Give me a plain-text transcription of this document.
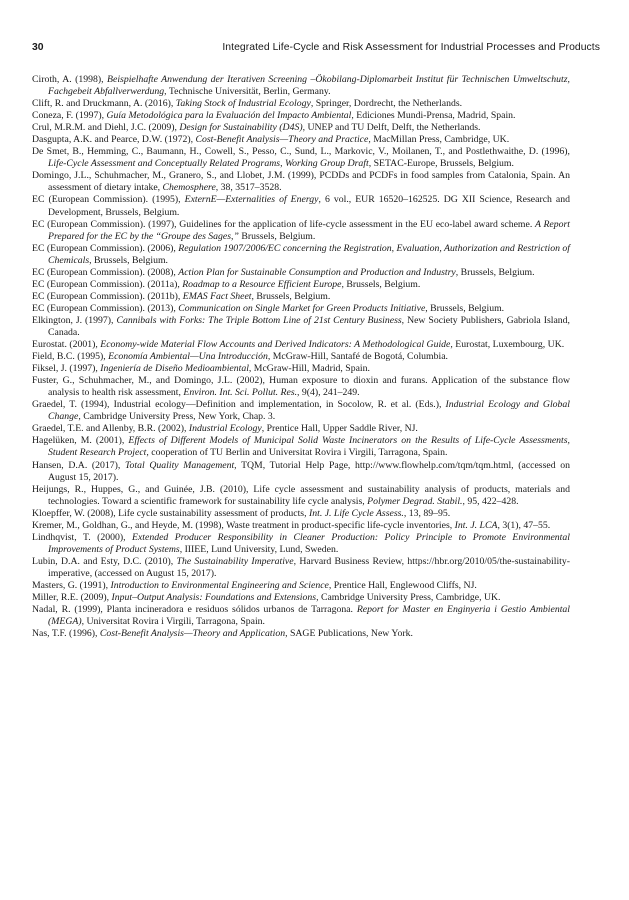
30	Integrated Life-Cycle and Risk Assessment for Industrial Processes and Products
Ciroth, A. (1998), Beispielhafte Anwendung der Iterativen Screening –Ökobilang-Diplomarbeit Institut für Technischen Umweltschutz, Fachgebeit Abfallverwerdung, Technische Universität, Berlin, Germany.
Clift, R. and Druckmann, A. (2016), Taking Stock of Industrial Ecology, Springer, Dordrecht, the Netherlands.
Coneza, F. (1997), Guía Metodológica para la Evaluación del Impacto Ambiental, Ediciones Mundi-Prensa, Madrid, Spain.
Crul, M.R.M. and Diehl, J.C. (2009), Design for Sustainability (D4S), UNEP and TU Delft, Delft, the Netherlands.
Dasgupta, A.K. and Pearce, D.W. (1972), Cost-Benefit Analysis—Theory and Practice, MacMillan Press, Cambridge, UK.
De Smet, B., Hemming, C., Baumann, H., Cowell, S., Pesso, C., Sund, L., Markovic, V., Moilanen, T., and Postlethwaithe, D. (1996), Life-Cycle Assessment and Conceptually Related Programs, Working Group Draft, SETAC-Europe, Brussels, Belgium.
Domingo, J.L., Schuhmacher, M., Granero, S., and Llobet, J.M. (1999), PCDDs and PCDFs in food samples from Catalonia, Spain. An assessment of dietary intake, Chemosphere, 38, 3517–3528.
EC (European Commission). (1995), ExternE—Externalities of Energy, 6 vol., EUR 16520–162525. DG XII Science, Research and Development, Brussels, Belgium.
EC (European Commission). (1997), Guidelines for the application of life-cycle assessment in the EU eco-label award scheme. A Report Prepared for the EC by the “Groupe des Sages,” Brussels, Belgium.
EC (European Commission). (2006), Regulation 1907/2006/EC concerning the Registration, Evaluation, Authorization and Restriction of Chemicals, Brussels, Belgium.
EC (European Commission). (2008), Action Plan for Sustainable Consumption and Production and Industry, Brussels, Belgium.
EC (European Commission). (2011a), Roadmap to a Resource Efficient Europe, Brussels, Belgium.
EC (European Commission). (2011b), EMAS Fact Sheet, Brussels, Belgium.
EC (European Commission). (2013), Communication on Single Market for Green Products Initiative, Brussels, Belgium.
Elkington, J. (1997), Cannibals with Forks: The Triple Bottom Line of 21st Century Business, New Society Publishers, Gabriola Island, Canada.
Eurostat. (2001), Economy-wide Material Flow Accounts and Derived Indicators: A Methodological Guide, Eurostat, Luxembourg, UK.
Field, B.C. (1995), Economía Ambiental—Una Introducción, McGraw-Hill, Santafé de Bogotá, Columbia.
Fiksel, J. (1997), Ingeniería de Diseño Medioambiental, McGraw-Hill, Madrid, Spain.
Fuster, G., Schuhmacher, M., and Domingo, J.L. (2002), Human exposure to dioxin and furans. Application of the substance flow analysis to health risk assessment, Environ. Int. Sci. Pollut. Res., 9(4), 241–249.
Graedel, T. (1994), Industrial ecology—Definition and implementation, in Socolow, R. et al. (Eds.), Industrial Ecology and Global Change, Cambridge University Press, New York, Chap. 3.
Graedel, T.E. and Allenby, B.R. (2002), Industrial Ecology, Prentice Hall, Upper Saddle River, NJ.
Hagelüken, M. (2001), Effects of Different Models of Municipal Solid Waste Incinerators on the Results of Life-Cycle Assessments, Student Research Project, cooperation of TU Berlin and Universitat Rovira i Virgili, Tarragona, Spain.
Hansen, D.A. (2017), Total Quality Management, TQM, Tutorial Help Page, http://www.flowhelp.com/tqm/tqm.html, (accessed on August 15, 2017).
Heijungs, R., Huppes, G., and Guinée, J.B. (2010), Life cycle assessment and sustainability analysis of products, materials and technologies. Toward a scientific framework for sustainability life cycle analysis, Polymer Degrad. Stabil., 95, 422–428.
Kloepffer, W. (2008), Life cycle sustainability assessment of products, Int. J. Life Cycle Assess., 13, 89–95.
Kremer, M., Goldhan, G., and Heyde, M. (1998), Waste treatment in product-specific life-cycle inventories, Int. J. LCA, 3(1), 47–55.
Lindhqvist, T. (2000), Extended Producer Responsibility in Cleaner Production: Policy Principle to Promote Environmental Improvements of Product Systems, IIIEE, Lund University, Lund, Sweden.
Lubin, D.A. and Esty, D.C. (2010), The Sustainability Imperative, Harvard Business Review, https://hbr.org/2010/05/the-sustainability-imperative, (accessed on August 15, 2017).
Masters, G. (1991), Introduction to Environmental Engineering and Science, Prentice Hall, Englewood Cliffs, NJ.
Miller, R.E. (2009), Input–Output Analysis: Foundations and Extensions, Cambridge University Press, Cambridge, UK.
Nadal, R. (1999), Planta incineradora e residuos sólidos urbanos de Tarragona. Report for Master en Enginyeria i Gestio Ambiental (MEGA), Universitat Rovira i Virgili, Tarragona, Spain.
Nas, T.F. (1996), Cost-Benefit Analysis—Theory and Application, SAGE Publications, New York.
